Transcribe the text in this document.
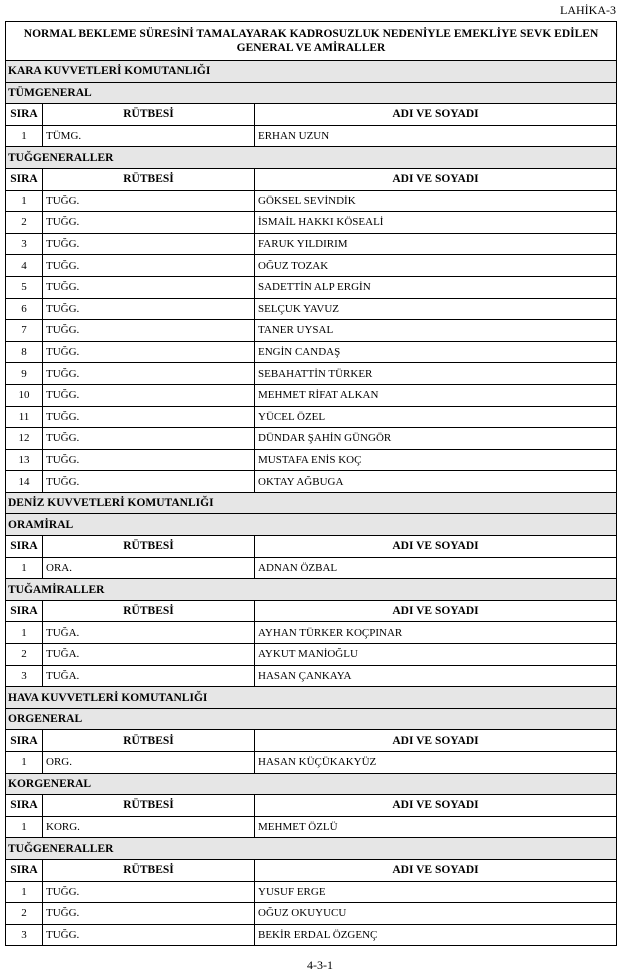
LAHİKA-3
NORMAL BEKLEME SÜRESİNİ TAMALAYARAK KADROSUZLUK NEDENİYLE EMEKLİYE SEVK EDİLEN GENERAL VE AMİRALLER		
KARA KUVVETLERİ KOMUTANLIĞI		
TÜMGENERAL		
SIRA	RÜTBESİ	ADI VE SOYADI
1	TÜMG.	ERHAN UZUN
TUĞGENERALLER		
SIRA	RÜTBESİ	ADI VE SOYADI
1	TUĞG.	GÖKSEL SEVİNDİK
2	TUĞG.	İSMAİL HAKKI KÖSEALİ
3	TUĞG.	FARUK YILDIRIM
4	TUĞG.	OĞUZ TOZAK
5	TUĞG.	SADETTİN ALP ERGİN
6	TUĞG.	SELÇUK YAVUZ
7	TUĞG.	TANER UYSAL
8	TUĞG.	ENGİN CANDAŞ
9	TUĞG.	SEBAHATTİN TÜRKER
10	TUĞG.	MEHMET RİFAT ALKAN
11	TUĞG.	YÜCEL ÖZEL
12	TUĞG.	DÜNDAR ŞAHİN GÜNGÖR
13	TUĞG.	MUSTAFA ENİS KOÇ
14	TUĞG.	OKTAY AĞBUGA
DENİZ KUVVETLERİ KOMUTANLIĞI		
ORAMİRAL		
SIRA	RÜTBESİ	ADI VE SOYADI
1	ORA.	ADNAN ÖZBAL
TUĞAMİRALLER		
SIRA	RÜTBESİ	ADI VE SOYADI
1	TUĞA.	AYHAN TÜRKER KOÇPINAR
2	TUĞA.	AYKUT MANİOĞLU
3	TUĞA.	HASAN ÇANKAYA
HAVA KUVVETLERİ KOMUTANLIĞI		
ORGENERAL		
SIRA	RÜTBESİ	ADI VE SOYADI
1	ORG.	HASAN KÜÇÜKAKYÜZ
KORGENERAL		
SIRA	RÜTBESİ	ADI VE SOYADI
1	KORG.	MEHMET ÖZLÜ
TUĞGENERALLER		
SIRA	RÜTBESİ	ADI VE SOYADI
1	TUĞG.	YUSUF ERGE
2	TUĞG.	OĞUZ OKUYUCU
3	TUĞG.	BEKİR ERDAL ÖZGENÇ
4-3-1
